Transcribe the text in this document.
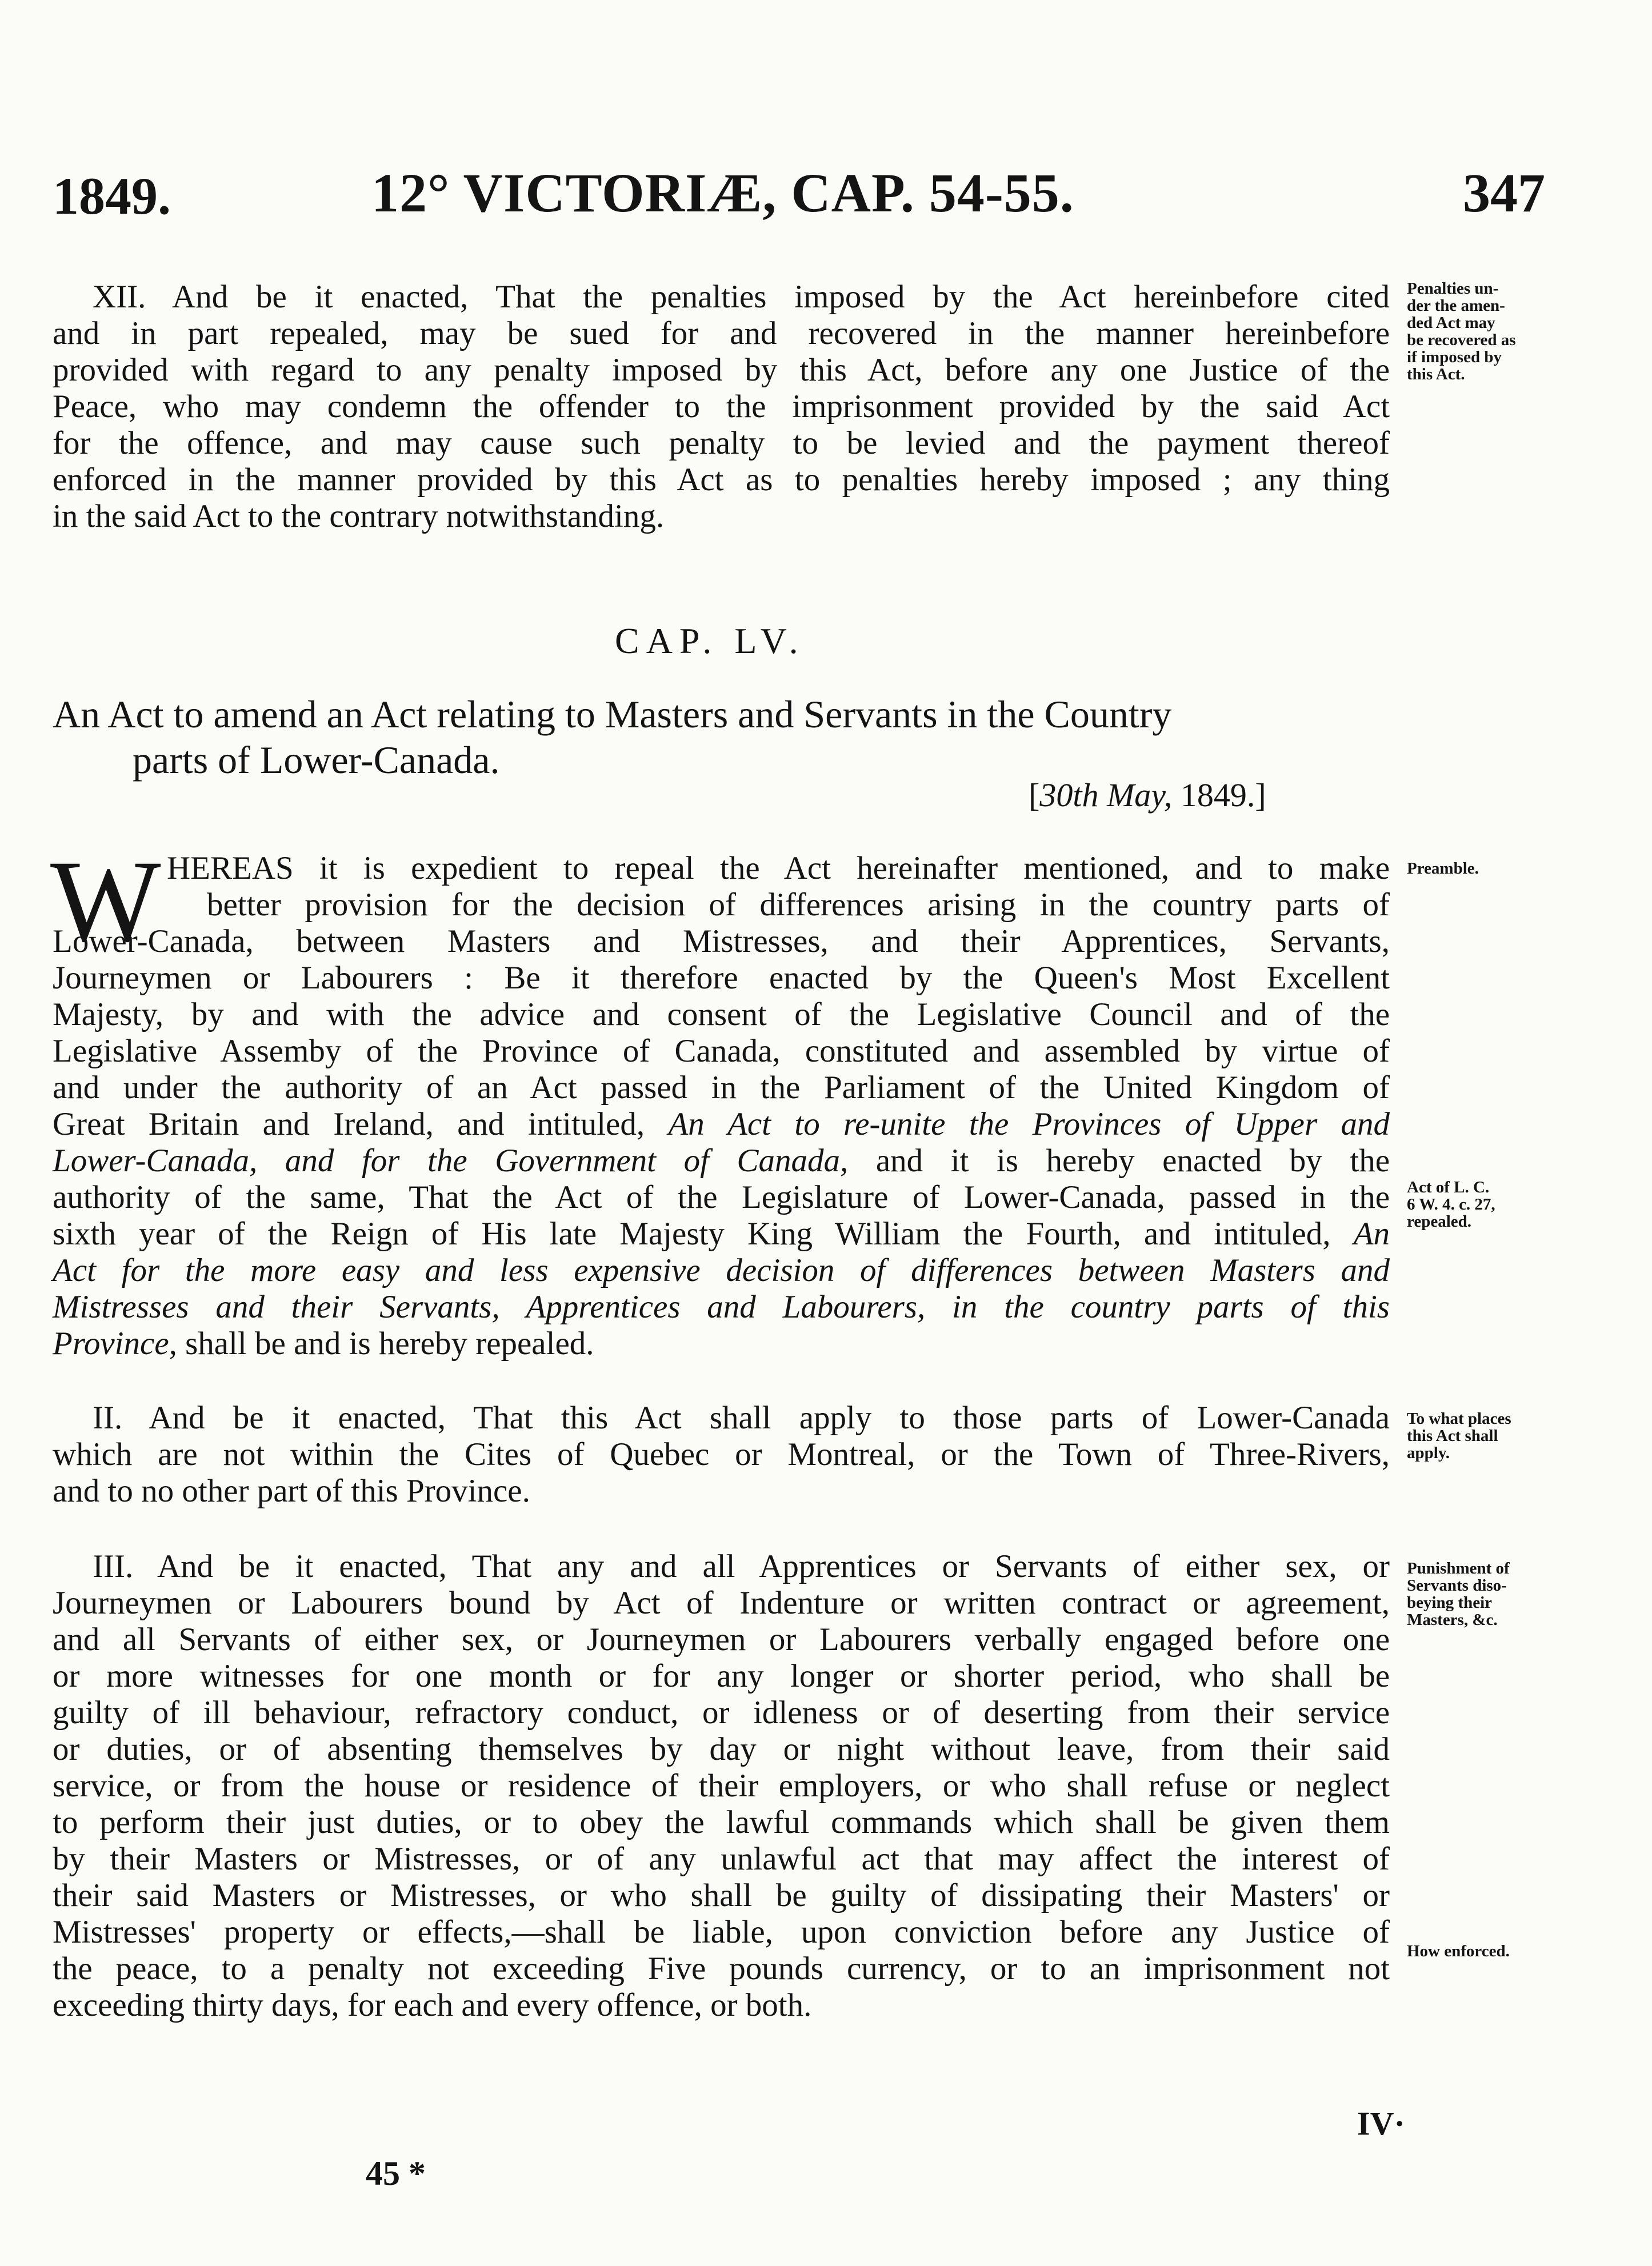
1849.	12° VICTORIÆ, CAP. 54-55.	347
XII. And be it enacted, That the penalties imposed by the Act hereinbefore cited
and in part repealed, may be sued for and recovered in the manner hereinbefore
provided with regard to any penalty imposed by this Act, before any one Justice of the
Peace, who may condemn the offender to the imprisonment provided by the said Act
for the offence, and may cause such penalty to be levied and the payment thereof
enforced in the manner provided by this Act as to penalties hereby imposed ; any thing
in the said Act to the contrary notwithstanding.
Penalties un-
der the amen-
ded Act may
be recovered as
if imposed by
this Act.
CAP. LV.
An Act to amend an Act relating to Masters and Servants in the Country
parts of Lower-Canada.
[30th May, 1849.]
W HEREAS it is expedient to repeal the Act hereinafter mentioned, and to make
better provision for the decision of differences arising in the country parts of
Lower-Canada, between Masters and Mistresses, and their Apprentices, Servants,
Journeymen or Labourers : Be it therefore enacted by the Queen's Most Excellent
Majesty, by and with the advice and consent of the Legislative Council and of the
Legislative Assemby of the Province of Canada, constituted and assembled by virtue of
and under the authority of an Act passed in the Parliament of the United Kingdom of
Great Britain and Ireland, and intituled, An Act to re-unite the Provinces of Upper and
Lower-Canada, and for the Government of Canada, and it is hereby enacted by the
authority of the same, That the Act of the Legislature of Lower-Canada, passed in the
sixth year of the Reign of His late Majesty King William the Fourth, and intituled, An
Act for the more easy and less expensive decision of differences between Masters and
Mistresses and their Servants, Apprentices and Labourers, in the country parts of this
Province, shall be and is hereby repealed.
Preamble.
Act of L. C.
6 W. 4. c. 27,
repealed.
II. And be it enacted, That this Act shall apply to those parts of Lower-Canada
which are not within the Cites of Quebec or Montreal, or the Town of Three-Rivers,
and to no other part of this Province.
To what places
this Act shall
apply.
III. And be it enacted, That any and all Apprentices or Servants of either sex, or
Journeymen or Labourers bound by Act of Indenture or written contract or agreement,
and all Servants of either sex, or Journeymen or Labourers verbally engaged before one
or more witnesses for one month or for any longer or shorter period, who shall be
guilty of ill behaviour, refractory conduct, or idleness or of deserting from their service
or duties, or of absenting themselves by day or night without leave, from their said
service, or from the house or residence of their employers, or who shall refuse or neglect
to perform their just duties, or to obey the lawful commands which shall be given them
by their Masters or Mistresses, or of any unlawful act that may affect the interest of
their said Masters or Mistresses, or who shall be guilty of dissipating their Masters' or
Mistresses' property or effects,—shall be liable, upon conviction before any Justice of
the peace, to a penalty not exceeding Five pounds currency, or to an imprisonment not
exceeding thirty days, for each and every offence, or both.
Punishment of
Servants diso-
beying their
Masters, &c.
How enforced.
IV·
45 *
